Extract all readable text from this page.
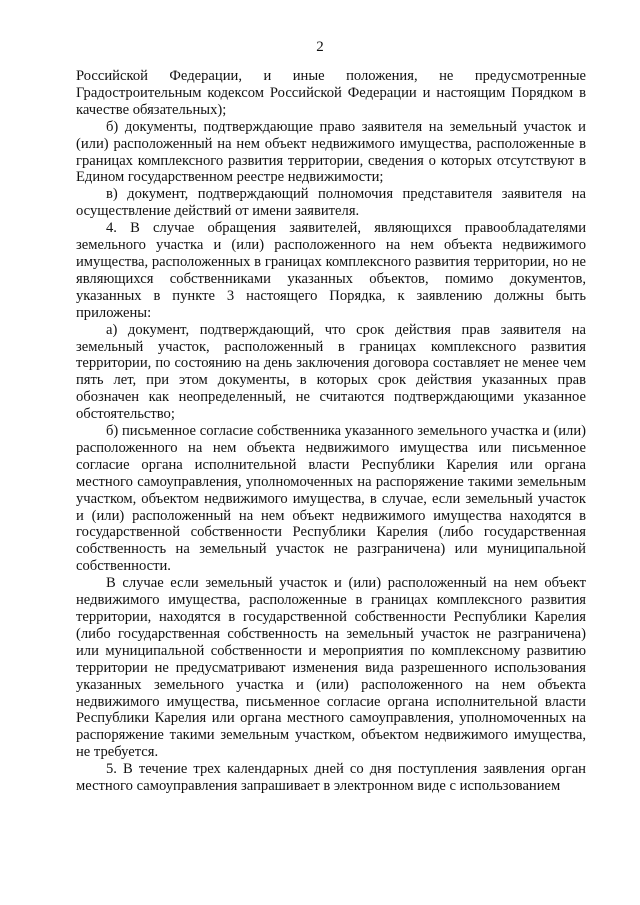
2

Российской Федерации, и иные положения, не предусмотренные Градостроительным кодексом Российской Федерации и настоящим Порядком в качестве обязательных);

б) документы, подтверждающие право заявителя на земельный участок и (или) расположенный на нем объект недвижимого имущества, расположенные в границах комплексного развития территории, сведения о которых отсутствуют в Едином государственном реестре недвижимости;

в) документ, подтверждающий полномочия представителя заявителя на осуществление действий от имени заявителя.

4. В случае обращения заявителей, являющихся правообладателями земельного участка и (или) расположенного на нем объекта недвижимого имущества, расположенных в границах комплексного развития территории, но не являющихся собственниками указанных объектов, помимо документов, указанных в пункте 3 настоящего Порядка, к заявлению должны быть приложены:

а) документ, подтверждающий, что срок действия прав заявителя на земельный участок, расположенный в границах комплексного развития территории, по состоянию на день заключения договора составляет не менее чем пять лет, при этом документы, в которых срок действия указанных прав обозначен как неопределенный, не считаются подтверждающими указанное обстоятельство;

б) письменное согласие собственника указанного земельного участка и (или) расположенного на нем объекта недвижимого имущества или письменное согласие органа исполнительной власти Республики Карелия или органа местного самоуправления, уполномоченных на распоряжение такими земельным участком, объектом недвижимого имущества, в случае, если земельный участок и (или) расположенный на нем объект недвижимого имущества находятся в государственной собственности Республики Карелия (либо государственная собственность на земельный участок не разграничена) или муниципальной собственности.

В случае если земельный участок и (или) расположенный на нем объект недвижимого имущества, расположенные в границах комплексного развития территории, находятся в государственной собственности Республики Карелия (либо государственная собственность на земельный участок не разграничена) или муниципальной собственности и мероприятия по комплексному развитию территории не предусматривают изменения вида разрешенного использования указанных земельного участка и (или) расположенного на нем объекта недвижимого имущества, письменное согласие органа исполнительной власти Республики Карелия или органа местного самоуправления, уполномоченных на распоряжение такими земельным участком, объектом недвижимого имущества, не требуется.

5. В течение трех календарных дней со дня поступления заявления орган местного самоуправления запрашивает в электронном виде с использованием
